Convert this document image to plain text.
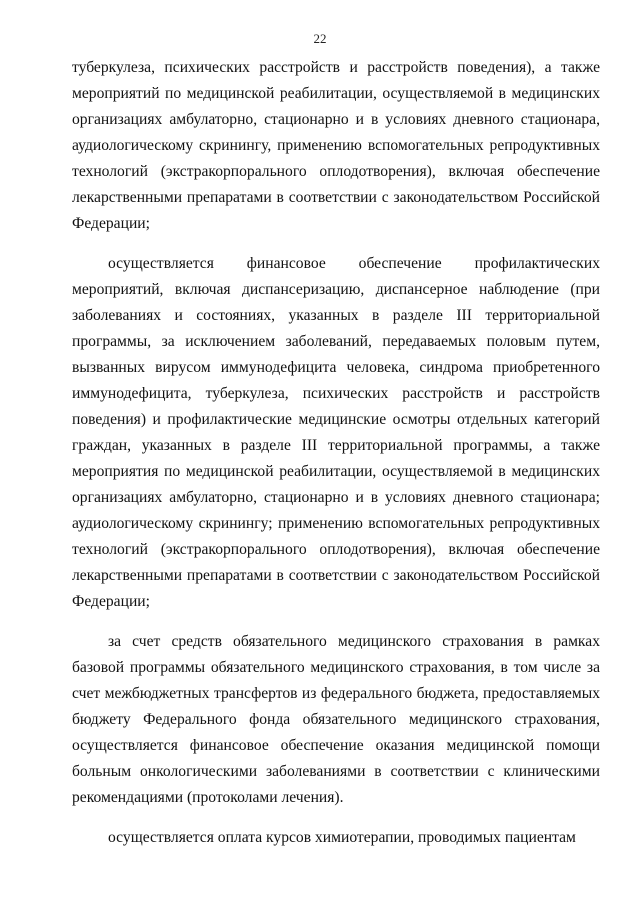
22

туберкулеза, психических расстройств и расстройств поведения), а также мероприятий по медицинской реабилитации, осуществляемой в медицинских организациях амбулаторно, стационарно и в условиях дневного стационара, аудиологическому скринингу, применению вспомогательных репродуктивных технологий (экстракорпорального оплодотворения), включая обеспечение лекарственными препаратами в соответствии с законодательством Российской Федерации;

осуществляется финансовое обеспечение профилактических мероприятий, включая диспансеризацию, диспансерное наблюдение (при заболеваниях и состояниях, указанных в разделе III территориальной программы, за исключением заболеваний, передаваемых половым путем, вызванных вирусом иммунодефицита человека, синдрома приобретенного иммунодефицита, туберкулеза, психических расстройств и расстройств поведения) и профилактические медицинские осмотры отдельных категорий граждан, указанных в разделе III территориальной программы, а также мероприятия по медицинской реабилитации, осуществляемой в медицинских организациях амбулаторно, стационарно и в условиях дневного стационара; аудиологическому скринингу; применению вспомогательных репродуктивных технологий (экстракорпорального оплодотворения), включая обеспечение лекарственными препаратами в соответствии с законодательством Российской Федерации;

за счет средств обязательного медицинского страхования в рамках базовой программы обязательного медицинского страхования, в том числе за счет межбюджетных трансфертов из федерального бюджета, предоставляемых бюджету Федерального фонда обязательного медицинского страхования, осуществляется финансовое обеспечение оказания медицинской помощи больным онкологическими заболеваниями в соответствии с клиническими рекомендациями (протоколами лечения).

осуществляется оплата курсов химиотерапии, проводимых пациентам
